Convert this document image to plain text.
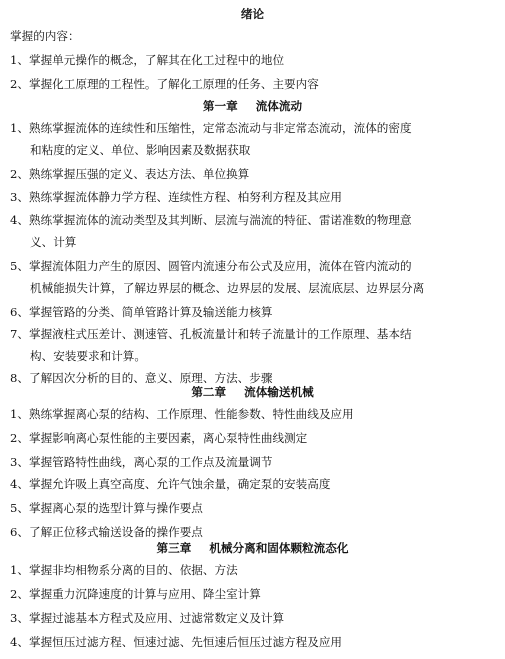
绪论
掌握的内容：
1、掌握单元操作的概念，了解其在化工过程中的地位
2、掌握化工原理的工程性。了解化工原理的任务、主要内容
第一章 流体流动
1、熟练掌握流体的连续性和压缩性，定常态流动与非定常态流动，流体的密度
和粘度的定义、单位、影响因素及数据获取
2、熟练掌握压强的定义、表达方法、单位换算
3、熟练掌握流体静力学方程、连续性方程、柏努利方程及其应用
4、熟练掌握流体的流动类型及其判断、层流与湍流的特征、雷诺准数的物理意
义、计算
5、掌握流体阻力产生的原因、圆管内流速分布公式及应用，流体在管内流动的
机械能损失计算，了解边界层的概念、边界层的发展、层流底层、边界层分离
6、掌握管路的分类、简单管路计算及输送能力核算
7、掌握液柱式压差计、测速管、孔板流量计和转子流量计的工作原理、基本结
构、安装要求和计算。
8、了解因次分析的目的、意义、原理、方法、步骤
第二章 流体输送机械
1、熟练掌握离心泵的结构、工作原理、性能参数、特性曲线及应用
2、掌握影响离心泵性能的主要因素，离心泵特性曲线测定
3、掌握管路特性曲线，离心泵的工作点及流量调节
4、掌握允许吸上真空高度、允许气蚀余量，确定泵的安装高度
5、掌握离心泵的选型计算与操作要点
6、了解正位移式输送设备的操作要点
第三章 机械分离和固体颗粒流态化
1、掌握非均相物系分离的目的、依据、方法
2、掌握重力沉降速度的计算与应用、降尘室计算
3、掌握过滤基本方程式及应用、过滤常数定义及计算
4、掌握恒压过滤方程、恒速过滤、先恒速后恒压过滤方程及应用
